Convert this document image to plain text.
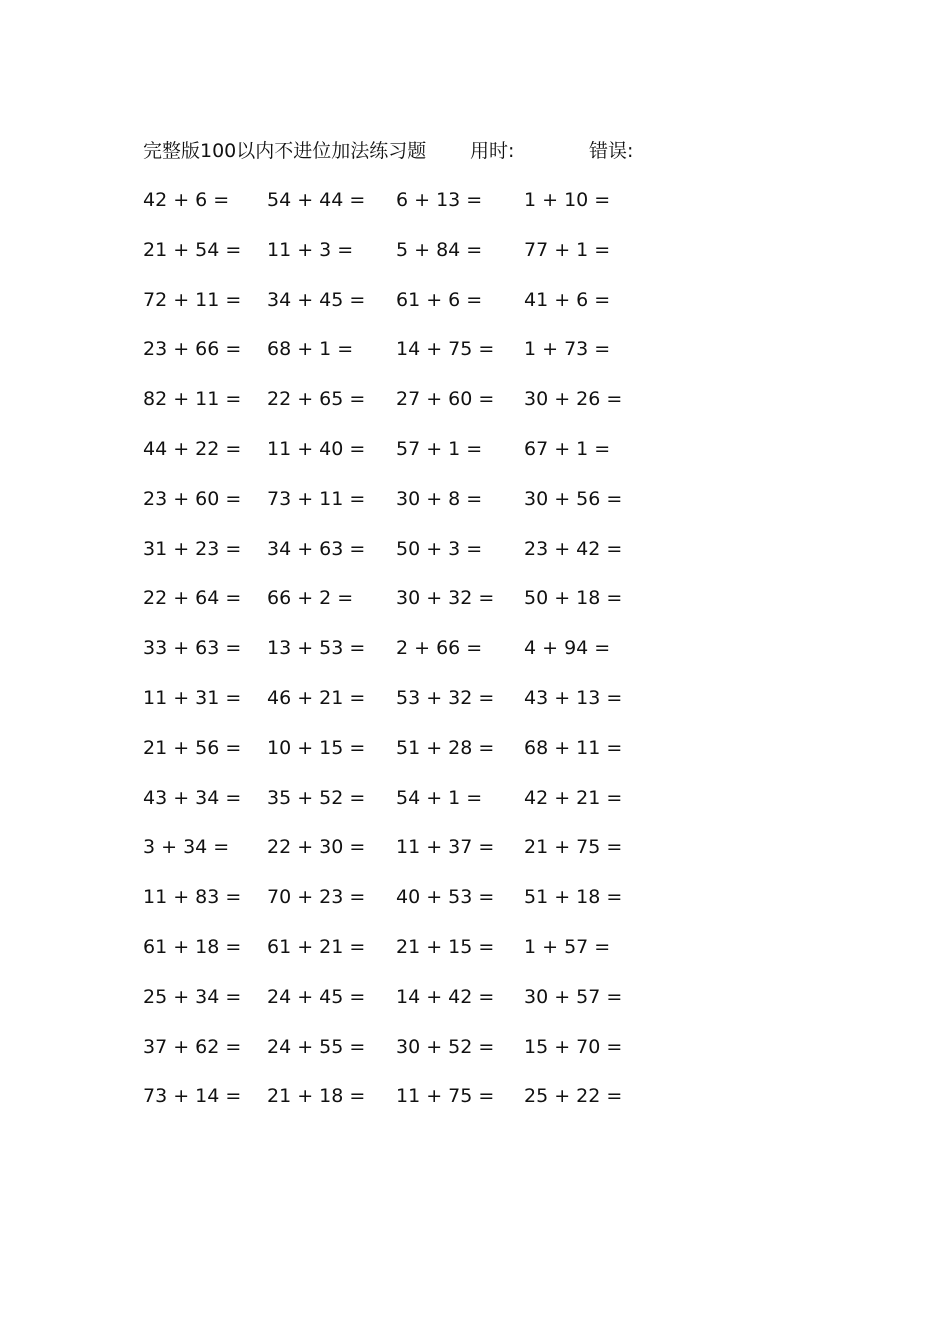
完整版100以内不进位加法练习题 用时:	错误:
42 + 6 = 54 + 44 = 6 + 13 = 1 + 10 =
21 + 54 = 11 + 3 = 5 + 84 = 77 + 1 =
72 + 11 = 34 + 45 = 61 + 6 = 41 + 6 =
23 + 66 = 68 + 1 = 14 + 75 = 1 + 73 =
82 + 11 = 22 + 65 = 27 + 60 = 30 + 26 =
44 + 22 = 11 + 40 = 57 + 1 = 67 + 1 =
23 + 60 = 73 + 11 = 30 + 8 = 30 + 56 =
31 + 23 = 34 + 63 = 50 + 3 = 23 + 42 =
22 + 64 = 66 + 2 = 30 + 32 = 50 + 18 =
33 + 63 = 13 + 53 = 2 + 66 = 4 + 94 =
11 + 31 = 46 + 21 = 53 + 32 = 43 + 13 =
21 + 56 = 10 + 15 = 51 + 28 = 68 + 11 =
43 + 34 = 35 + 52 = 54 + 1 = 42 + 21 =
3 + 34 = 22 + 30 = 11 + 37 = 21 + 75 =
11 + 83 = 70 + 23 = 40 + 53 = 51 + 18 =
61 + 18 = 61 + 21 = 21 + 15 = 1 + 57 =
25 + 34 = 24 + 45 = 14 + 42 = 30 + 57 =
37 + 62 = 24 + 55 = 30 + 52 = 15 + 70 =
73 + 14 = 21 + 18 = 11 + 75 = 25 + 22 =
